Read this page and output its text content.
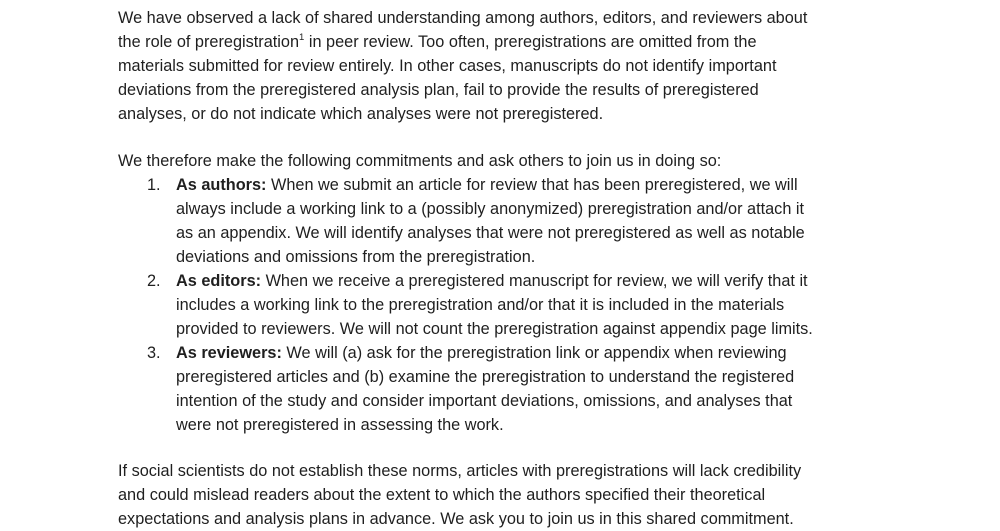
We have observed a lack of shared understanding among authors, editors, and reviewers about

the role of preregistration$^1$ in peer review. Too often, preregistrations are omitted from the

materials submitted for review entirely. In other cases, manuscripts do not identify important

deviations from the preregistered analysis plan, fail to provide the results of preregistered

analyses, or do not indicate which analyses were not preregistered.

We therefore make the following commitments and ask others to join us in doing so:

1. As authors: When we submit an article for review that has been preregistered, we will

always include a working link to a (possibly anonymized) preregistration and/or attach it

as an appendix. We will identify analyses that were not preregistered as well as notable

deviations and omissions from the preregistration.

2. As editors: When we receive a preregistered manuscript for review, we will verify that it

includes a working link to the preregistration and/or that it is included in the materials

provided to reviewers. We will not count the preregistration against appendix page limits.

3. As reviewers: We will (a) ask for the preregistration link or appendix when reviewing

preregistered articles and (b) examine the preregistration to understand the registered

intention of the study and consider important deviations, omissions, and analyses that

were not preregistered in assessing the work.

If social scientists do not establish these norms, articles with preregistrations will lack credibility

and could mislead readers about the extent to which the authors specified their theoretical

expectations and analysis plans in advance. We ask you to join us in this shared commitment.
